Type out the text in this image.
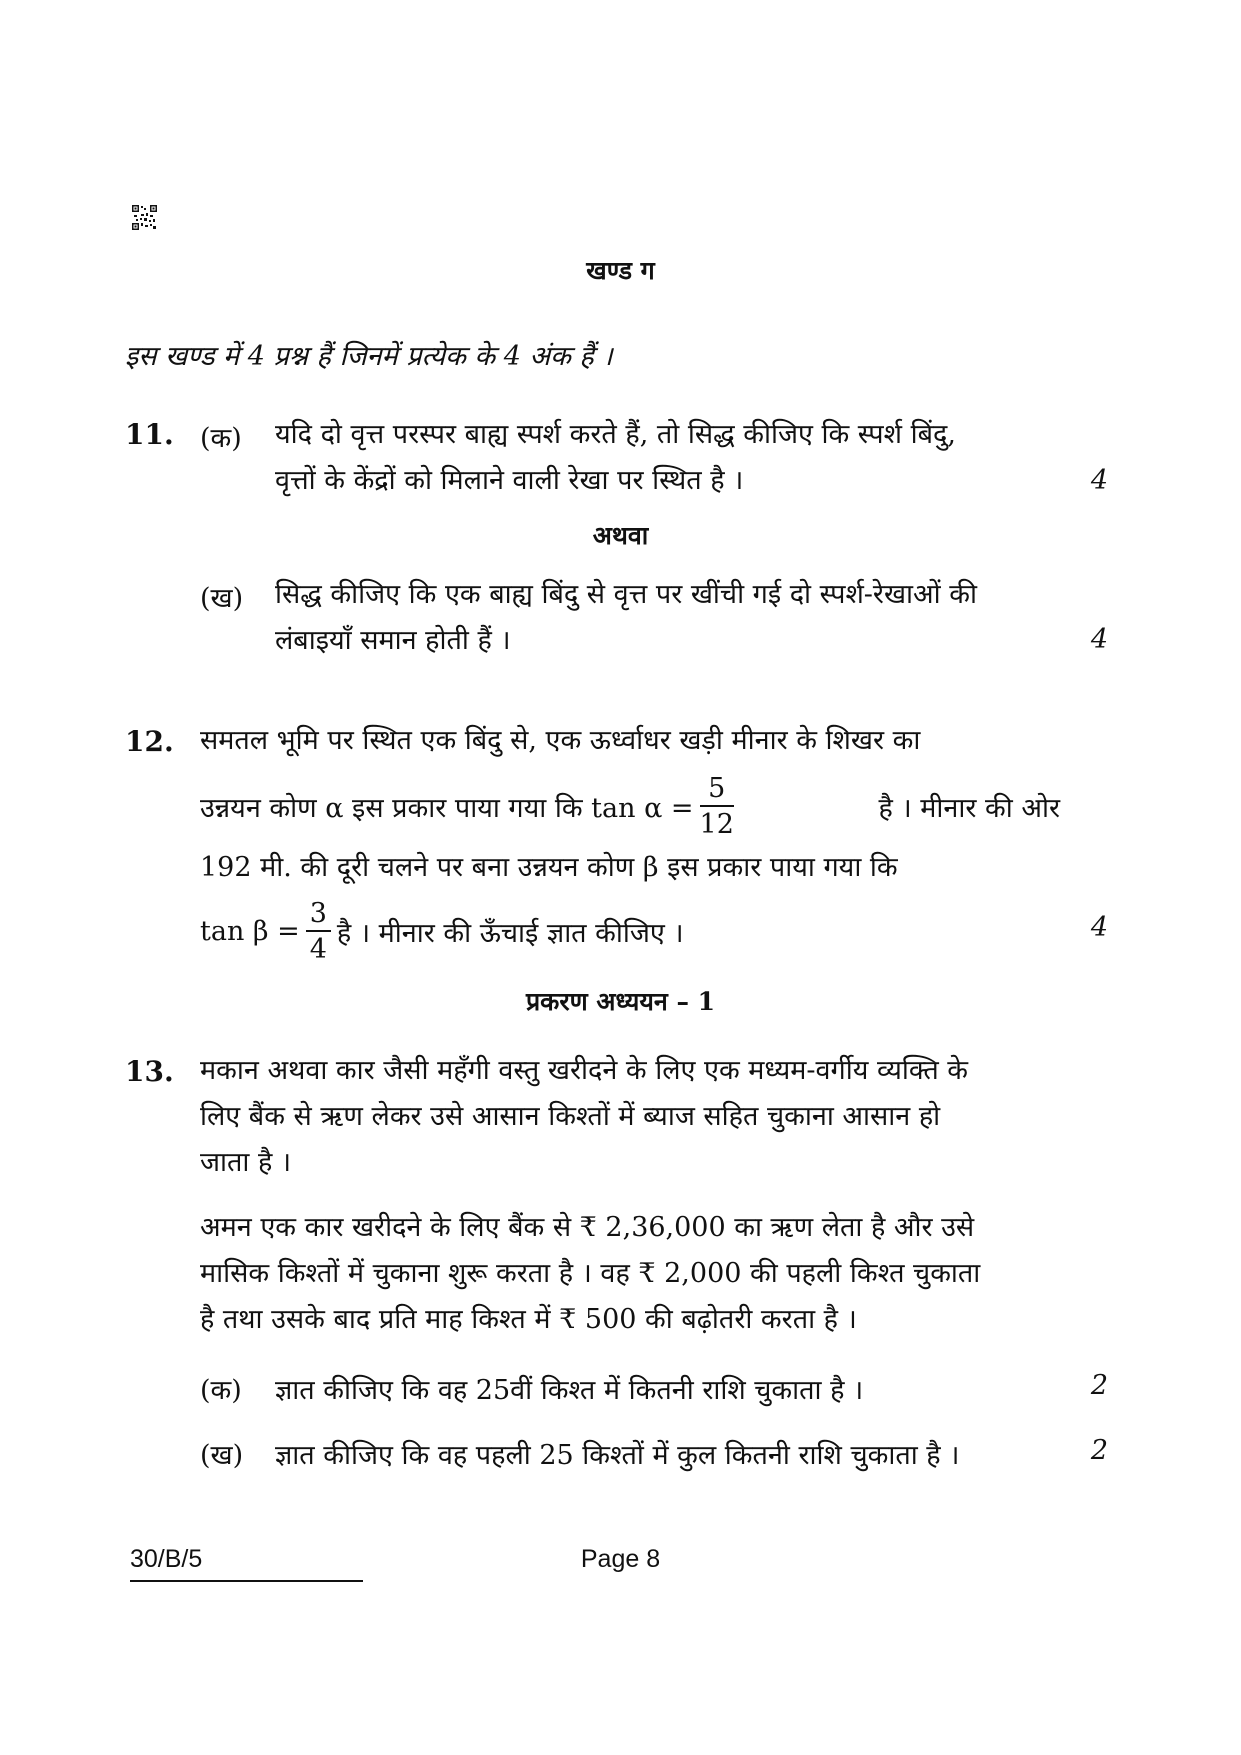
खण्ड ग
इस खण्ड में 4 प्रश्न हैं जिनमें प्रत्येक के 4 अंक हैं ।
11. (क) यदि दो वृत्त परस्पर बाह्य स्पर्श करते हैं, तो सिद्ध कीजिए कि स्पर्श बिंदु,
वृत्तों के केंद्रों को मिलाने वाली रेखा पर स्थित है ।	4
अथवा
(ख) सिद्ध कीजिए कि एक बाह्य बिंदु से वृत्त पर खींची गई दो स्पर्श-रेखाओं की
लंबाइयाँ समान होती हैं ।	4
12. समतल भूमि पर स्थित एक बिंदु से, एक ऊर्ध्वाधर खड़ी मीनार के शिखर का
उन्नयन कोण α इस प्रकार पाया गया कि $\tan \alpha = \frac{5}{12}$	है । मीनार की ओर
192 मी. की दूरी चलने पर बना उन्नयन कोण β इस प्रकार पाया गया कि
$\tan \beta = \frac{3}{4}$ है । मीनार की ऊँचाई ज्ञात कीजिए ।	4
प्रकरण अध्ययन – 1
13. मकान अथवा कार जैसी महँगी वस्तु खरीदने के लिए एक मध्यम-वर्गीय व्यक्ति के
लिए बैंक से ऋण लेकर उसे आसान किश्तों में ब्याज सहित चुकाना आसान हो
जाता है ।
अमन एक कार खरीदने के लिए बैंक से ₹ 2,36,000 का ऋण लेता है और उसे
मासिक किश्तों में चुकाना शुरू करता है । वह ₹ 2,000 की पहली किश्त चुकाता
है तथा उसके बाद प्रति माह किश्त में ₹ 500 की बढ़ोतरी करता है ।
(क) ज्ञात कीजिए कि वह 25वीं किश्त में कितनी राशि चुकाता है ।	2
(ख) ज्ञात कीजिए कि वह पहली 25 किश्तों में कुल कितनी राशि चुकाता है ।	2
30/B/5	Page 8
